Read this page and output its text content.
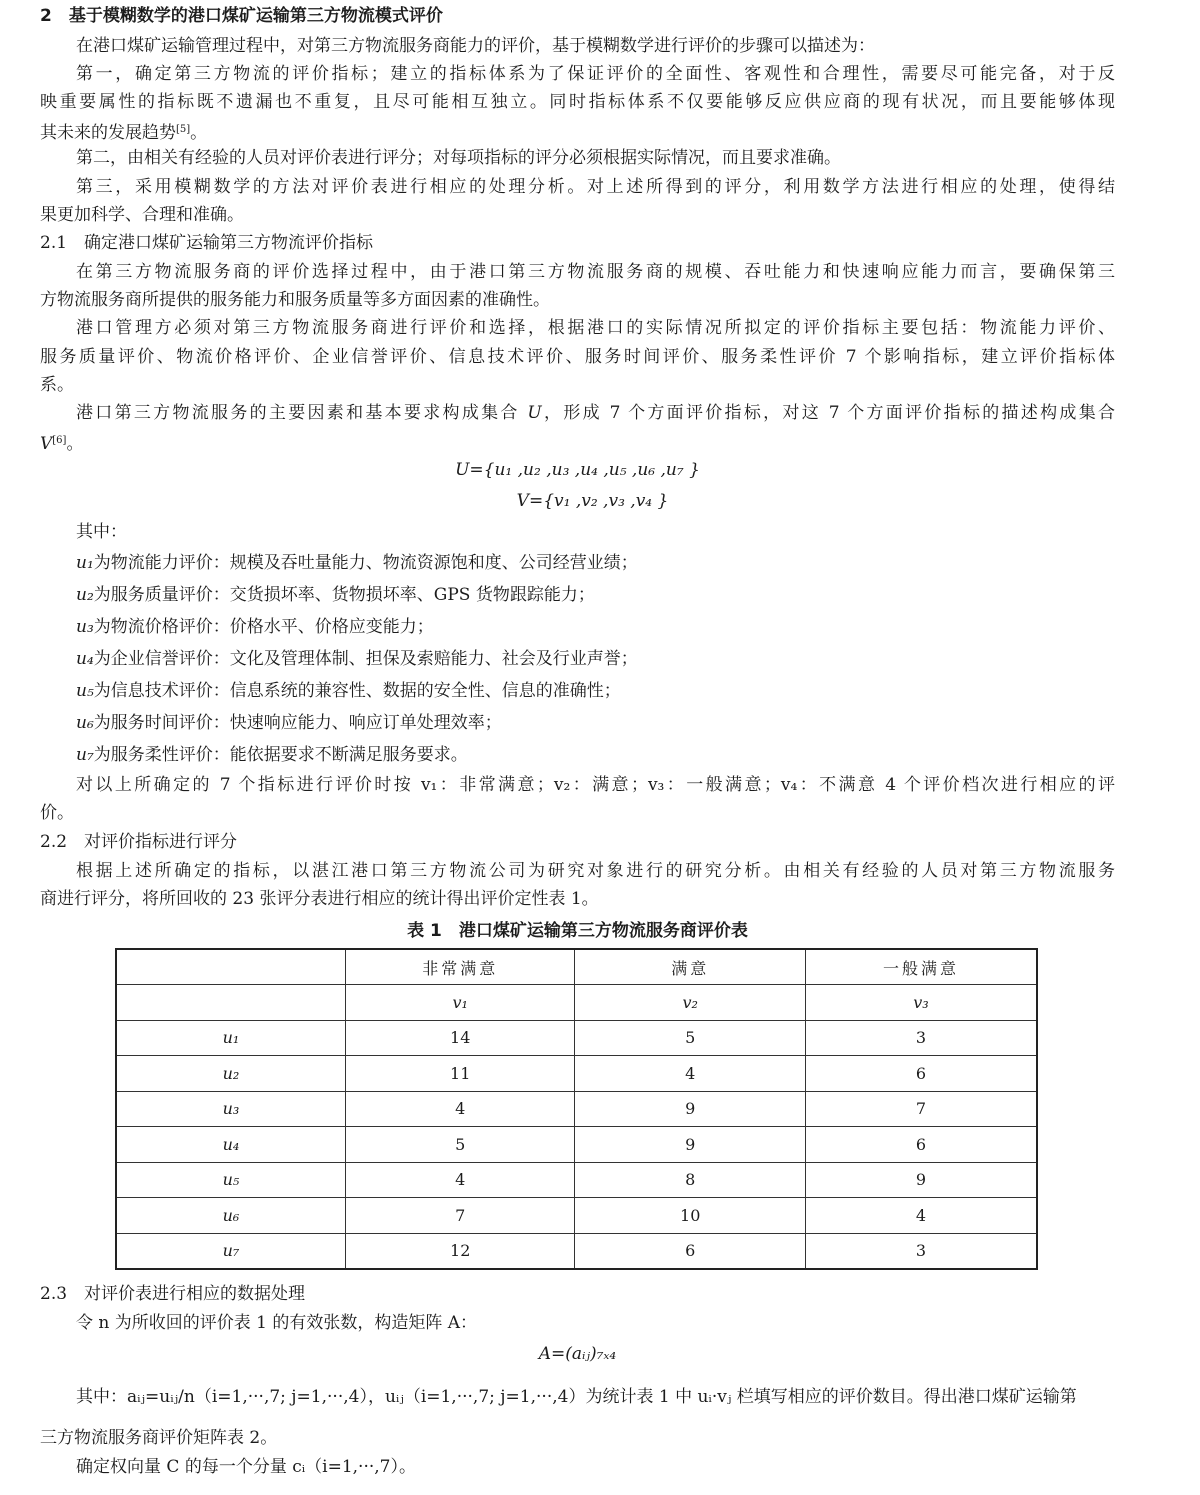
2　基于模糊数学的港口煤矿运输第三方物流模式评价
在港口煤矿运输管理过程中，对第三方物流服务商能力的评价，基于模糊数学进行评价的步骤可以描述为：
第一，确定第三方物流的评价指标；建立的指标体系为了保证评价的全面性、客观性和合理性，需要尽可能完备，对于反
映重要属性的指标既不遗漏也不重复，且尽可能相互独立。同时指标体系不仅要能够反应供应商的现有状况，而且要能够体现
其未来的发展趋势[5]。
第二，由相关有经验的人员对评价表进行评分；对每项指标的评分必须根据实际情况，而且要求准确。
第三，采用模糊数学的方法对评价表进行相应的处理分析。对上述所得到的评分，利用数学方法进行相应的处理，使得结
果更加科学、合理和准确。
2.1　确定港口煤矿运输第三方物流评价指标
在第三方物流服务商的评价选择过程中，由于港口第三方物流服务商的规模、吞吐能力和快速响应能力而言，要确保第三
方物流服务商所提供的服务能力和服务质量等多方面因素的准确性。
港口管理方必须对第三方物流服务商进行评价和选择，根据港口的实际情况所拟定的评价指标主要包括：物流能力评价、
服务质量评价、物流价格评价、企业信誉评价、信息技术评价、服务时间评价、服务柔性评价 7 个影响指标，建立评价指标体
系。
港口第三方物流服务的主要因素和基本要求构成集合 U，形成 7 个方面评价指标，对这 7 个方面评价指标的描述构成集合
V[6]。
U={u₁ ,u₂ ,u₃ ,u₄ ,u₅ ,u₆ ,u₇ }
V={v₁ ,v₂ ,v₃ ,v₄ }
其中：
u₁为物流能力评价：规模及吞吐量能力、物流资源饱和度、公司经营业绩；
u₂为服务质量评价：交货损坏率、货物损坏率、GPS 货物跟踪能力；
u₃为物流价格评价：价格水平、价格应变能力；
u₄为企业信誉评价：文化及管理体制、担保及索赔能力、社会及行业声誉；
u₅为信息技术评价：信息系统的兼容性、数据的安全性、信息的准确性；
u₆为服务时间评价：快速响应能力、响应订单处理效率；
u₇为服务柔性评价：能依据要求不断满足服务要求。
对以上所确定的 7 个指标进行评价时按 v₁：非常满意；v₂：满意；v₃：一般满意；v₄：不满意 4 个评价档次进行相应的评
价。
2.2　对评价指标进行评分
根据上述所确定的指标，以湛江港口第三方物流公司为研究对象进行的研究分析。由相关有经验的人员对第三方物流服务
商进行评分，将所回收的 23 张评分表进行相应的统计得出评价定性表 1。
表 1　港口煤矿运输第三方物流服务商评价表
	非常满意	满意	一般满意
	v₁	v₂	v₃
u₁	14	5	3
u₂	11	4	6
u₃	4	9	7
u₄	5	9	6
u₅	4	8	9
u₆	7	10	4
u₇	12	6	3
2.3　对评价表进行相应的数据处理
令 n 为所收回的评价表 1 的有效张数，构造矩阵 A：
A=(aᵢⱼ)₇ₓ₄
其中：aᵢⱼ=uᵢⱼ/n（i=1,···,7; j=1,···,4），uᵢⱼ（i=1,···,7; j=1,···,4）为统计表 1 中 uᵢ·vⱼ 栏填写相应的评价数目。得出港口煤矿运输第
三方物流服务商评价矩阵表 2。
确定权向量 C 的每一个分量 cᵢ（i=1,···,7）。
